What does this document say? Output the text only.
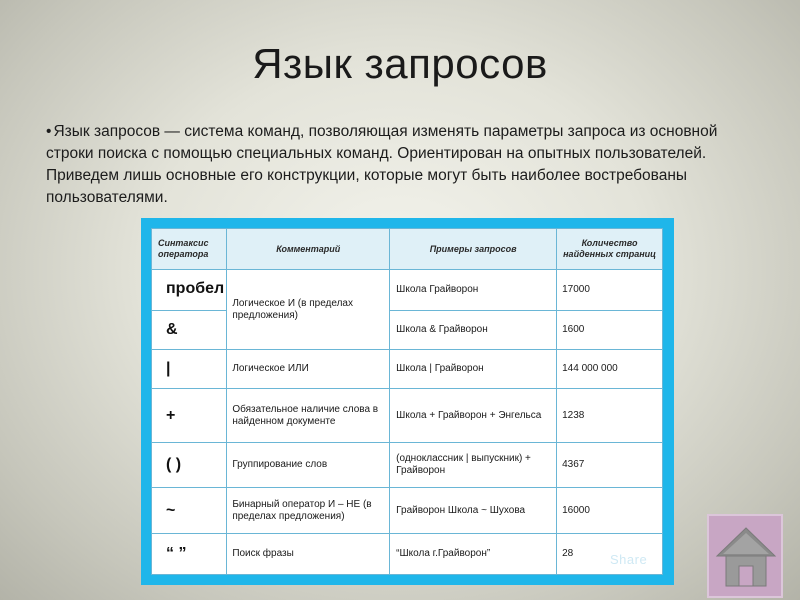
Язык запросов
• Язык запросов — система команд, позволяющая изменять параметры запроса из основной строки поиска с помощью специальных команд. Ориентирован на опытных пользователей. Приведем лишь основные его конструкции, которые могут быть наиболее востребованы пользователями.
Синтаксис оператора	Комментарий	Примеры запросов	Количество найденных страниц
пробел	Логическое И (в пределах предложения)	Школа Грайворон	17000
&		Школа & Грайворон	1600
|	Логическое ИЛИ	Школа | Грайворон	144 000 000
+	Обязательное наличие слова в найденном документе	Школа + Грайворон + Энгельса	1238
( )	Группирование слов	(одноклассник | выпускник) + Грайворон	4367
~	Бинарный оператор И – НЕ (в пределах предложения)	Грайворон Школа ~ Шухова	16000
“ ”	Поиск фразы	“Школа г.Грайворон”	28	Share
